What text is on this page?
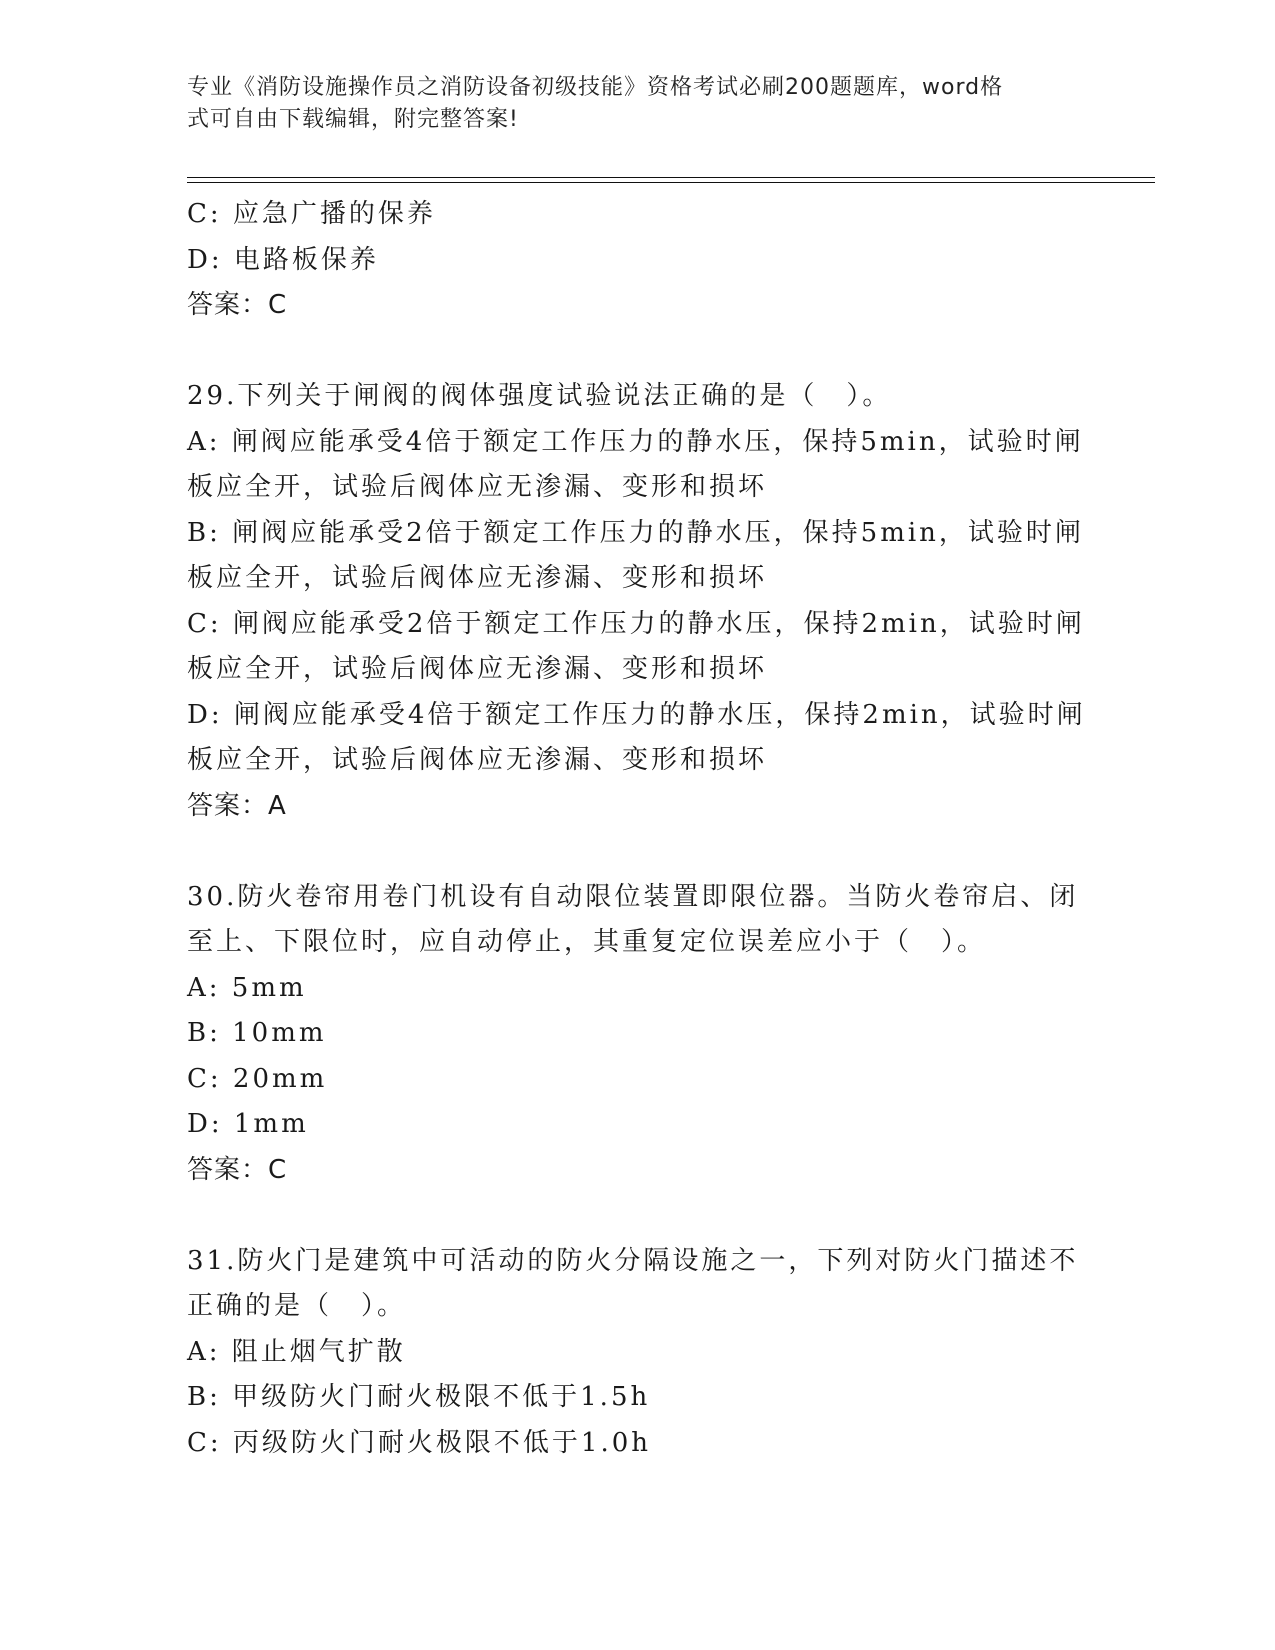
专业《消防设施操作员之消防设备初级技能》资格考试必刷200题题库，word格
式可自由下载编辑，附完整答案!
C: 应急广播的保养
D: 电路板保养
答案：C
29.下列关于闸阀的阀体强度试验说法正确的是（　）。
A: 闸阀应能承受4倍于额定工作压力的静水压，保持5min，试验时闸
板应全开，试验后阀体应无渗漏、变形和损坏
B: 闸阀应能承受2倍于额定工作压力的静水压，保持5min，试验时闸
板应全开，试验后阀体应无渗漏、变形和损坏
C: 闸阀应能承受2倍于额定工作压力的静水压，保持2min，试验时闸
板应全开，试验后阀体应无渗漏、变形和损坏
D: 闸阀应能承受4倍于额定工作压力的静水压，保持2min，试验时闸
板应全开，试验后阀体应无渗漏、变形和损坏
答案：A
30.防火卷帘用卷门机设有自动限位装置即限位器。当防火卷帘启、闭
至上、下限位时，应自动停止，其重复定位误差应小于（　）。
A: 5mm
B: 10mm
C: 20mm
D: 1mm
答案：C
31.防火门是建筑中可活动的防火分隔设施之一，下列对防火门描述不
正确的是（　）。
A: 阻止烟气扩散
B: 甲级防火门耐火极限不低于1.5h
C: 丙级防火门耐火极限不低于1.0h
